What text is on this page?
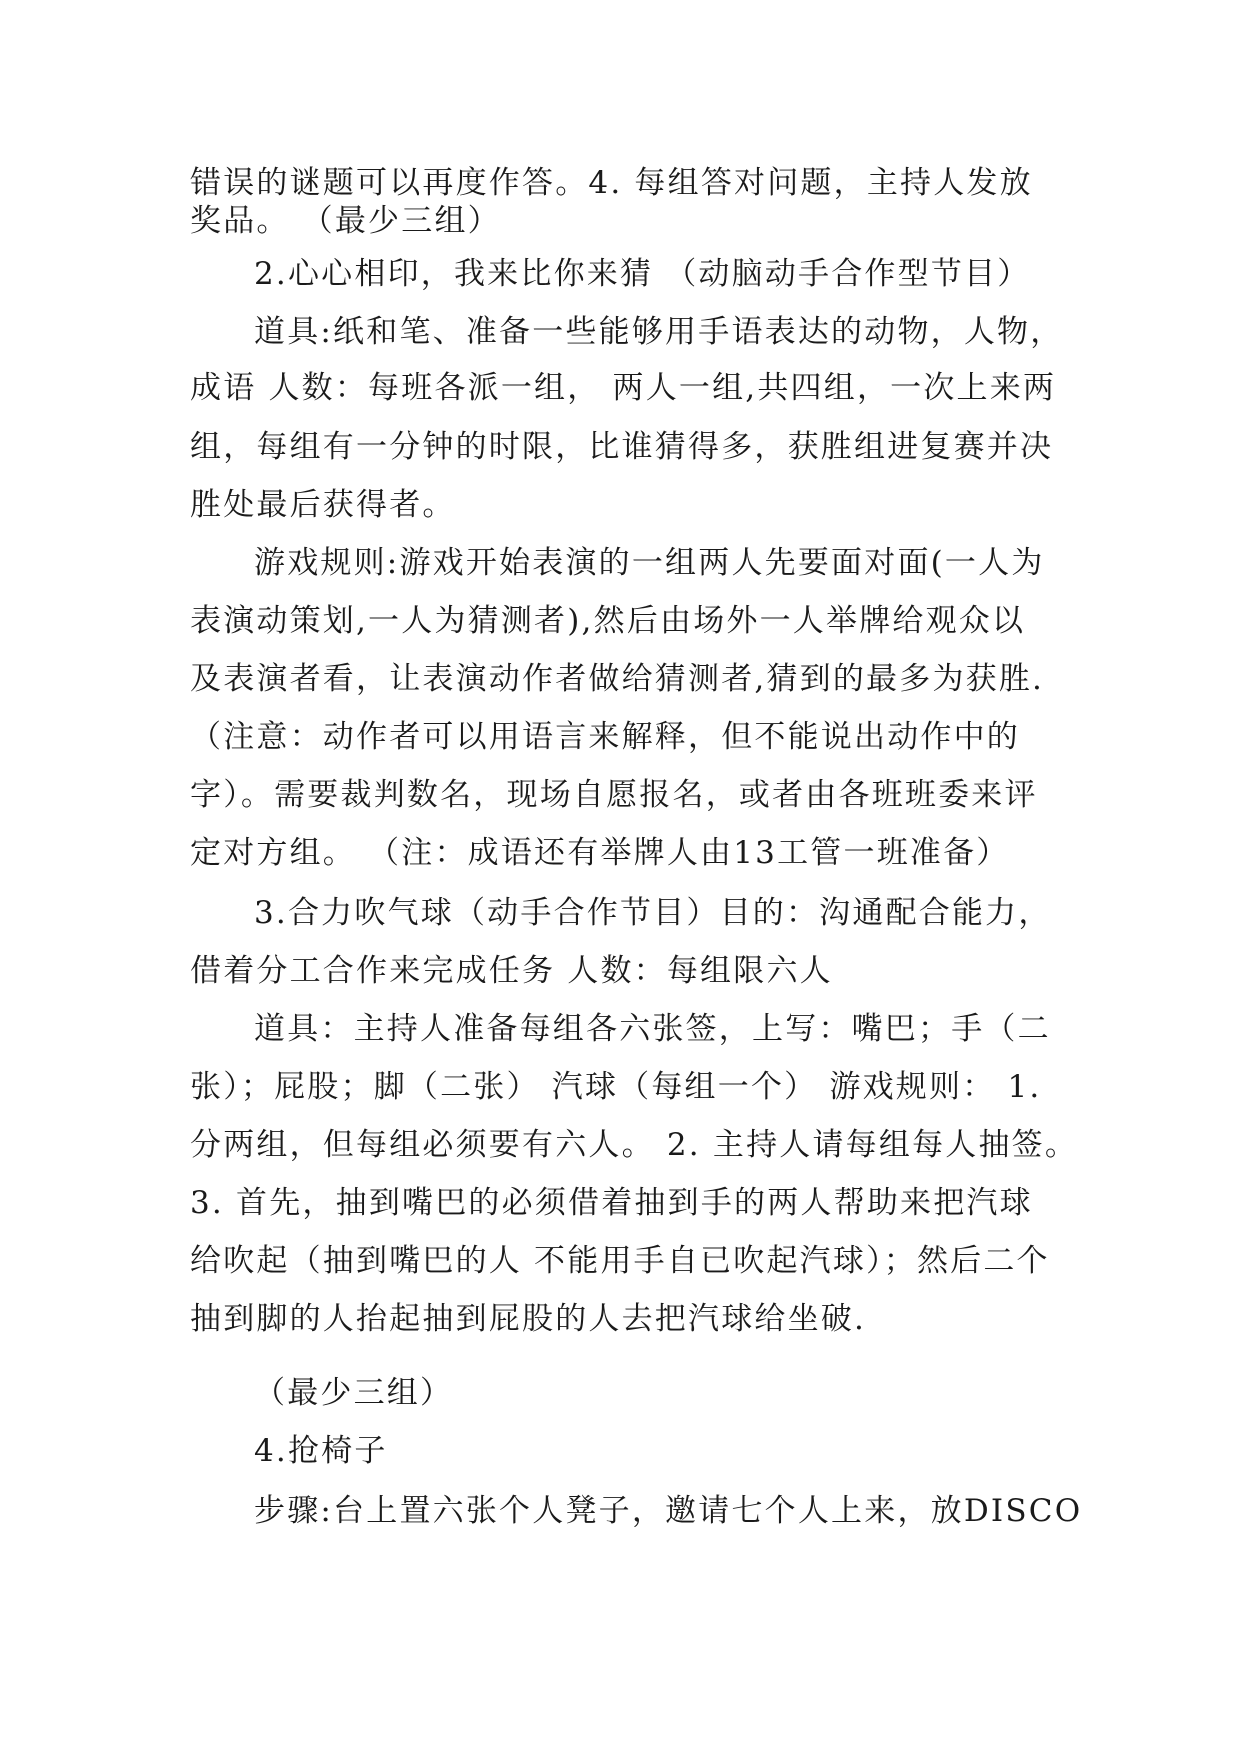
错误的谜题可以再度作答。4. 每组答对问题，主持人发放
奖品。 （最少三组）
2.心心相印，我来比你来猜 （动脑动手合作型节目）
道具:纸和笔、准备一些能够用手语表达的动物，人物，
成语 人数：每班各派一组， 两人一组,共四组，一次上来两
组，每组有一分钟的时限，比谁猜得多，获胜组进复赛并决
胜处最后获得者。
游戏规则:游戏开始表演的一组两人先要面对面(一人为
表演动策划,一人为猜测者),然后由场外一人举牌给观众以
及表演者看，让表演动作者做给猜测者,猜到的最多为获胜.
（注意：动作者可以用语言来解释，但不能说出动作中的
字）。需要裁判数名，现场自愿报名，或者由各班班委来评
定对方组。 （注：成语还有举牌人由13工管一班准备）
3.合力吹气球（动手合作节目）目的：沟通配合能力，
借着分工合作来完成任务 人数：每组限六人
道具：主持人准备每组各六张签，上写：嘴巴；手（二
张）；屁股；脚（二张） 汽球（每组一个） 游戏规则： 1.
分两组，但每组必须要有六人。 2. 主持人请每组每人抽签。
3. 首先，抽到嘴巴的必须借着抽到手的两人帮助来把汽球
给吹起（抽到嘴巴的人 不能用手自已吹起汽球）；然后二个
抽到脚的人抬起抽到屁股的人去把汽球给坐破.
（最少三组）
4.抢椅子
步骤:台上置六张个人凳子，邀请七个人上来，放DISCO
